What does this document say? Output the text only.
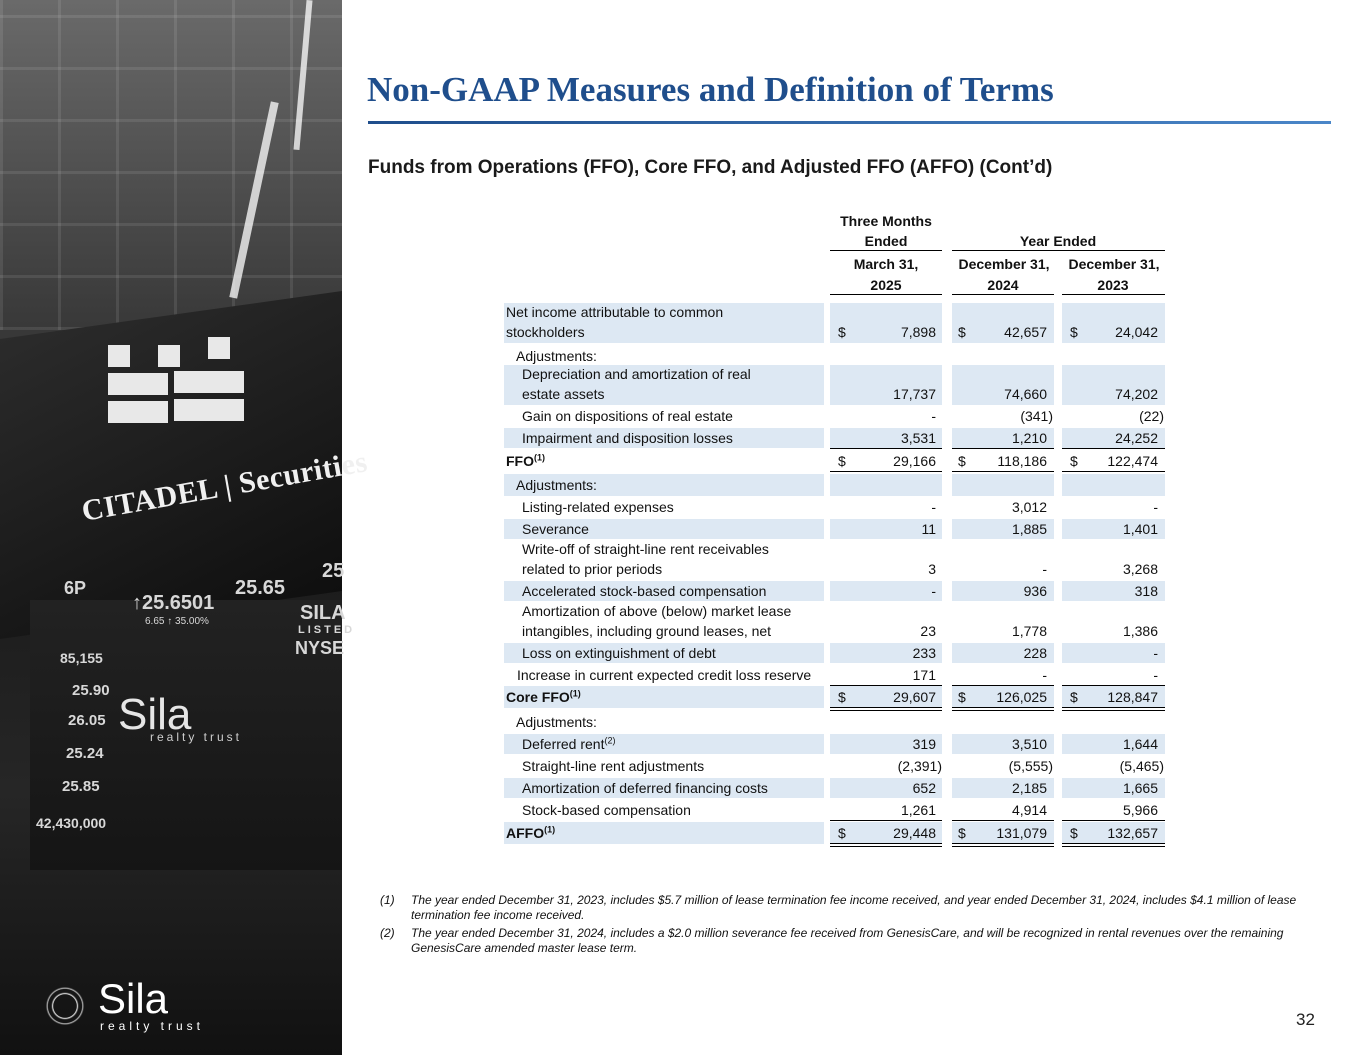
CITADEL | Securities
6P	25.65
25
↑25.6501
6.65 ↑ 35.00%
85,155
25.90
26.05
25.24
25.85
42,430,000
SILA
LISTED
NYSE
Sila
realty trust
Sila
realty trust
Non-GAAP Measures and Definition of Terms
Funds from Operations (FFO), Core FFO, and Adjusted FFO (AFFO) (Cont’d)
Three Months
Ended	Year Ended
March 31,	December 31,	December 31,
2025	2024	2023
Net income attributable to common
stockholders	$	7,898 $	42,657 $	24,042
Adjustments:
Depreciation and amortization of real
estate assets	17,737	74,660	74,202
Gain on dispositions of real estate	-	(341)	(22)
Impairment and disposition losses	3,531	1,210	24,252
FFO$^{(1)}$	$	29,166 $	118,186 $	122,474
Adjustments:
Listing-related expenses	-	3,012	-
Severance	11	1,885	1,401
Write-off of straight-line rent receivables
related to prior periods	3	-	3,268
Accelerated stock-based compensation	-	936	318
Amortization of above (below) market lease
intangibles, including ground leases, net	23	1,778	1,386
Loss on extinguishment of debt	233	228	-
Increase in current expected credit loss reserve	171	-	-
Core FFO$^{(1)}$	$	29,607 $	126,025 $	128,847
Adjustments:
Deferred rent$^{(2)}$	319	3,510	1,644
Straight-line rent adjustments	(2,391)	(5,555)	(5,465)
Amortization of deferred financing costs	652	2,185	1,665
Stock-based compensation	1,261	4,914	5,966
AFFO$^{(1)}$	$	29,448 $	131,079 $	132,657
(1) The year ended December 31, 2023, includes $5.7 million of lease termination fee income received, and year ended December 31, 2024, includes $4.1 million of lease termination fee income received.
(2) The year ended December 31, 2024, includes a $2.0 million severance fee received from GenesisCare, and will be recognized in rental revenues over the remaining GenesisCare amended master lease term.
32
